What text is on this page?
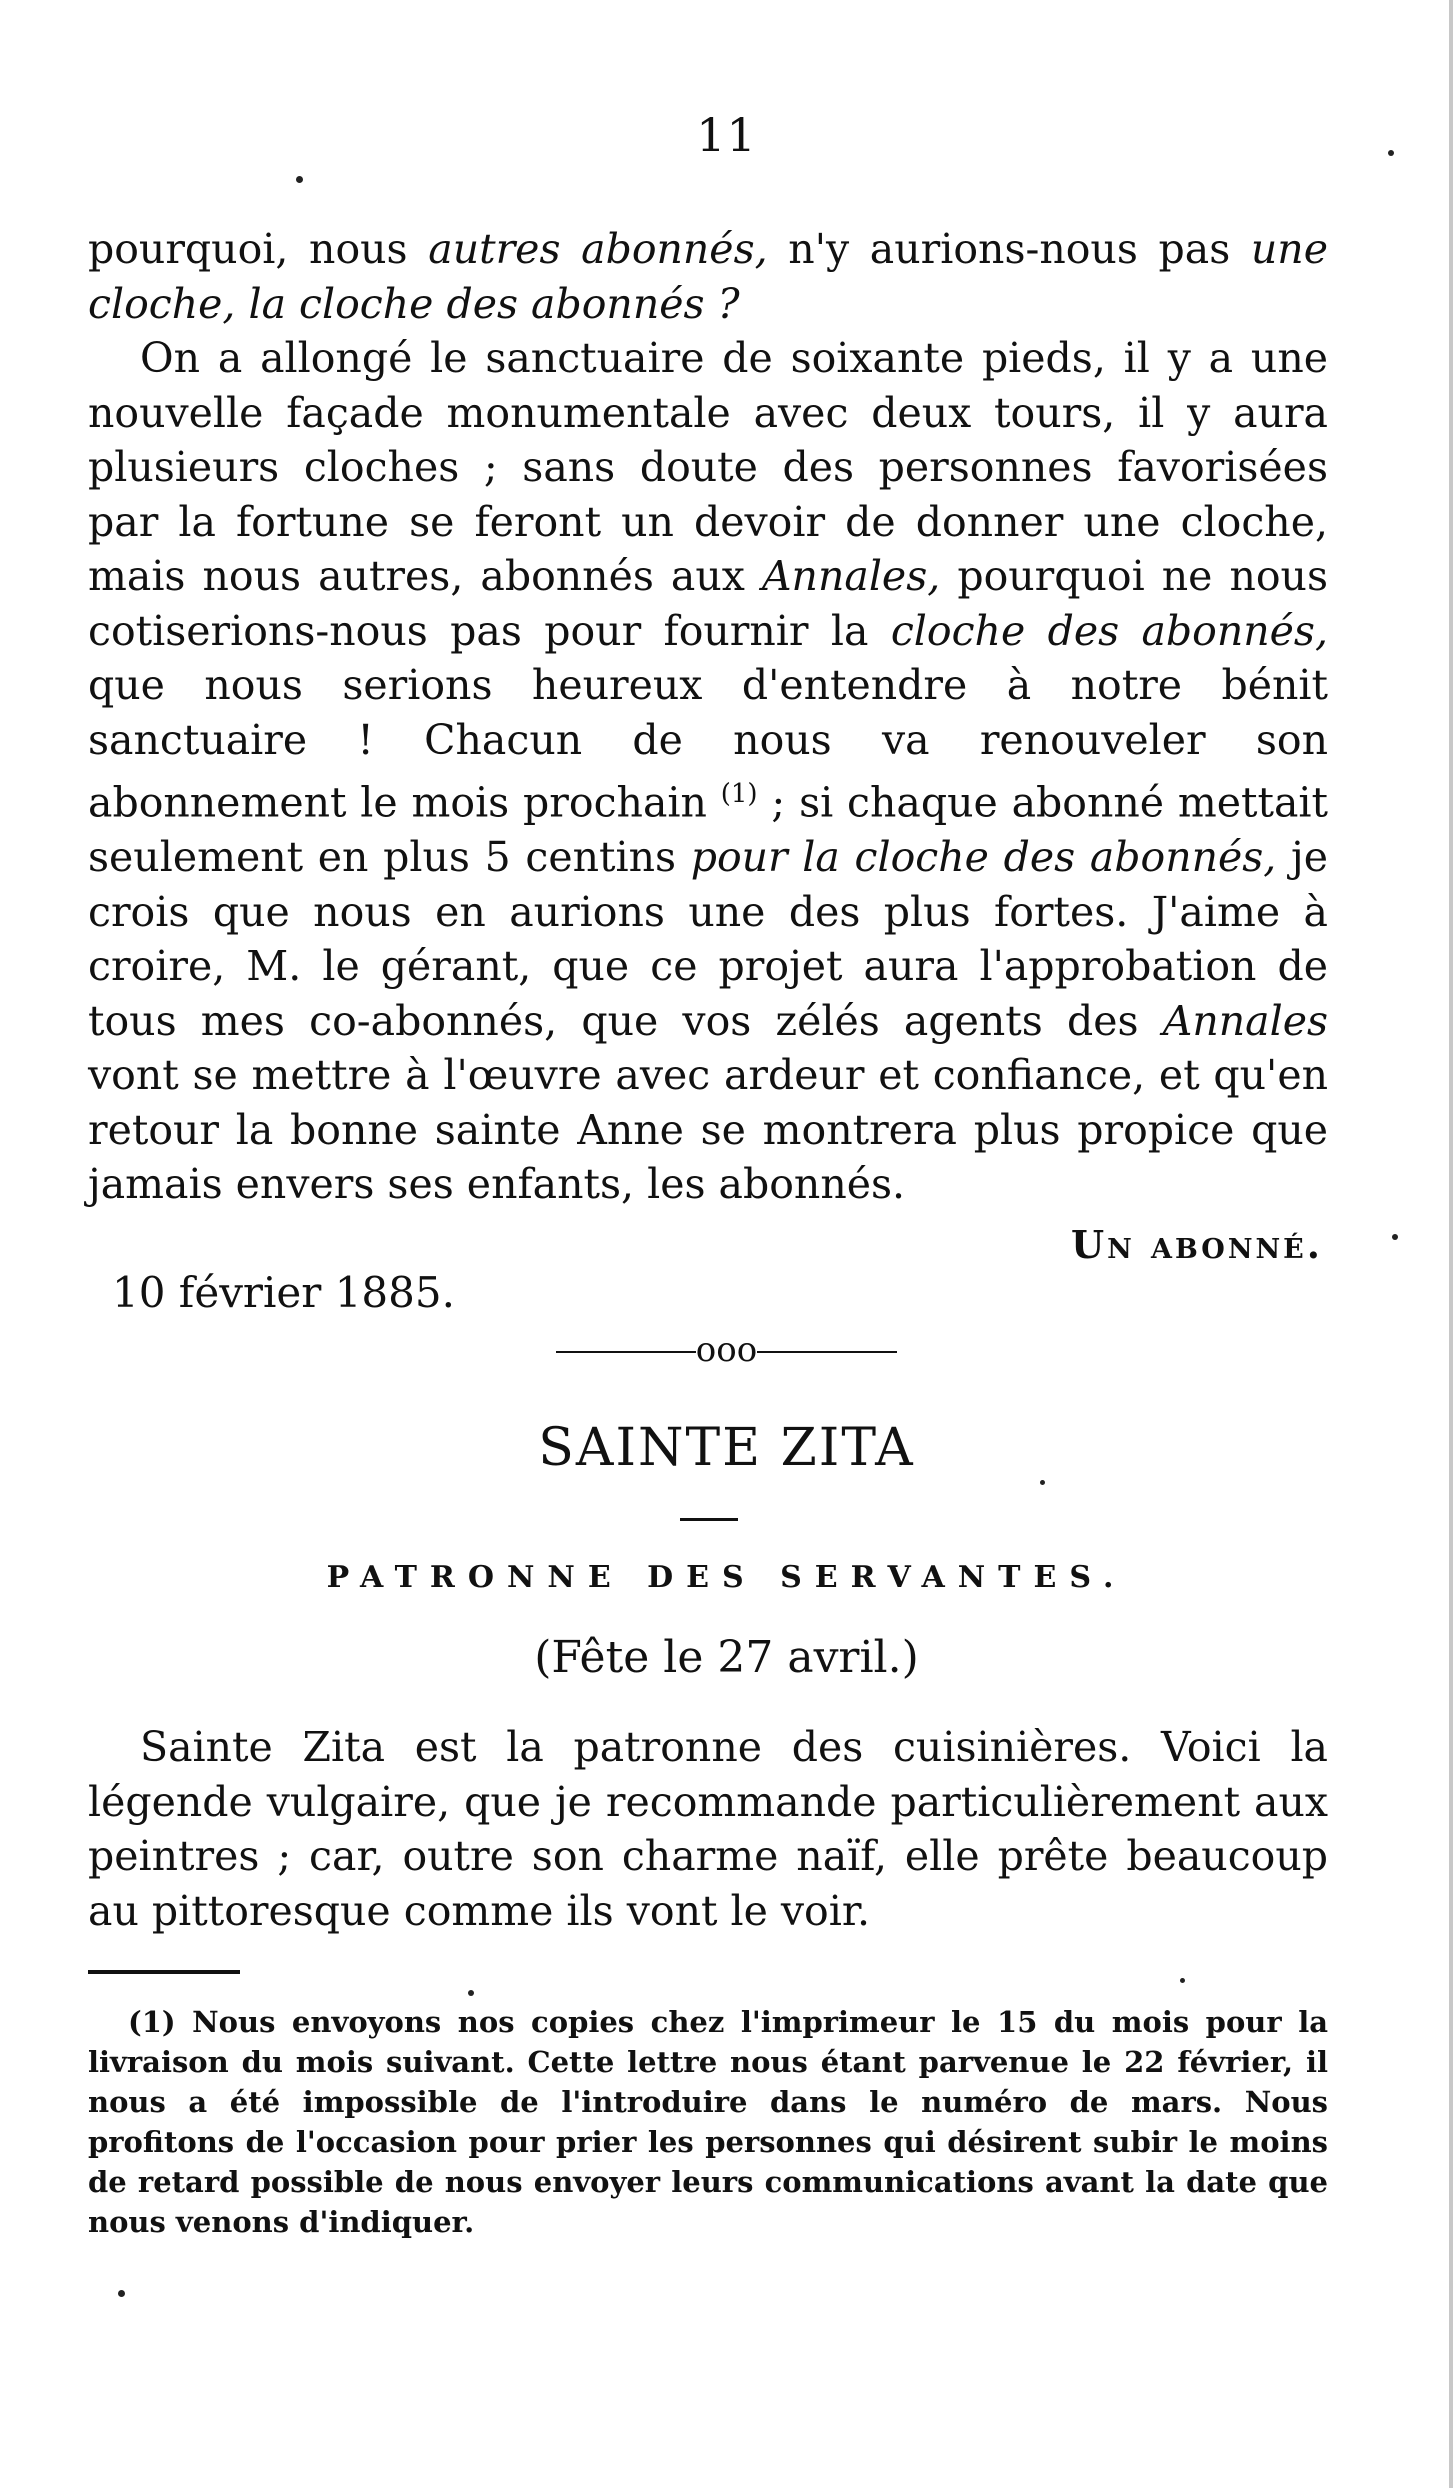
11

pourquoi, nous autres abonnés, n'y aurions-nous pas une cloche, la cloche des abonnés ?

On a allongé le sanctuaire de soixante pieds, il y a une nouvelle façade monumentale avec deux tours, il y aura plusieurs cloches ; sans doute des personnes favorisées par la fortune se feront un devoir de donner une cloche, mais nous autres, abonnés aux Annales, pourquoi ne nous cotiserions-nous pas pour fournir la cloche des abonnés, que nous serions heureux d'entendre à notre bénit sanctuaire ! Chacun de nous va renouveler son abonnement le mois prochain $^{(1)}$ ; si chaque abonné mettait seulement en plus 5 centins pour la cloche des abonnés, je crois que nous en aurions une des plus fortes. J'aime à croire, M. le gérant, que ce projet aura l'approbation de tous mes co-abonnés, que vos zélés agents des Annales vont se mettre à l'œuvre avec ardeur et confiance, et qu'en retour la bonne sainte Anne se montrera plus propice que jamais envers ses enfants, les abonnés.

Un abonné.
10 février 1885.
ooo
SAINTE ZITA
PATRONNE DES SERVANTES.
(Fête le 27 avril.)

Sainte Zita est la patronne des cuisinières. Voici la légende vulgaire, que je recommande particulièrement aux peintres ; car, outre son charme naïf, elle prête beaucoup au pittoresque comme ils vont le voir.

(1) Nous envoyons nos copies chez l'imprimeur le 15 du mois pour la livraison du mois suivant. Cette lettre nous étant parvenue le 22 février, il nous a été impossible de l'introduire dans le numéro de mars. Nous profitons de l'occasion pour prier les personnes qui désirent subir le moins de retard possible de nous envoyer leurs communications avant la date que nous venons d'indiquer.
